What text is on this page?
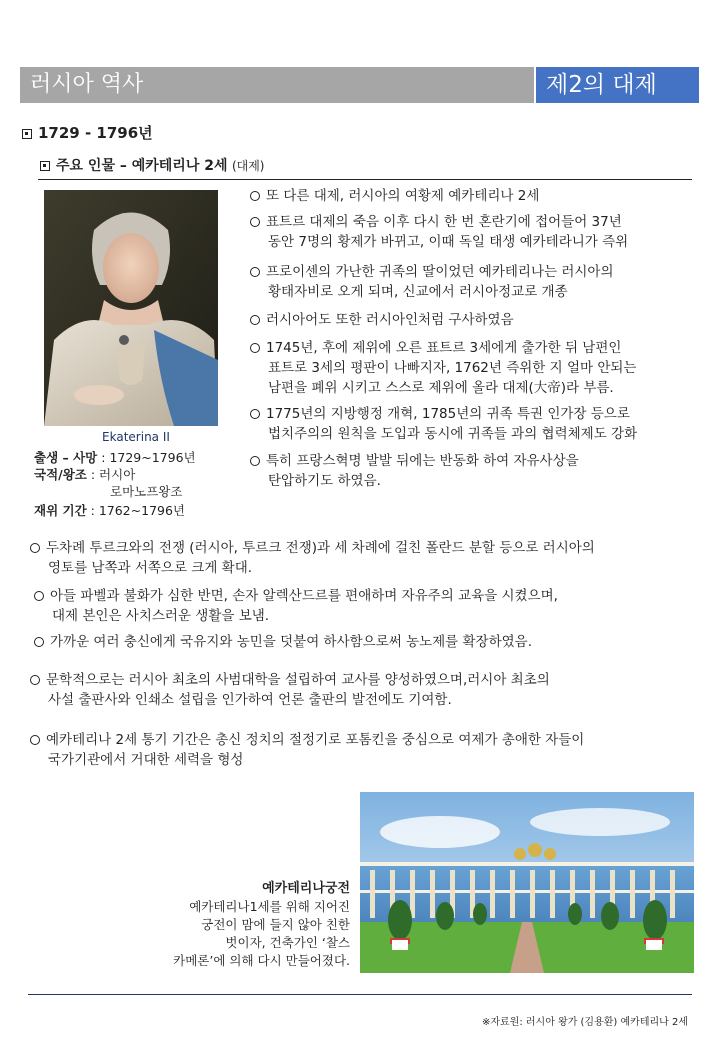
러시아 역사	제2의 대제
1729 - 1796년
주요 인물 – 예카테리나 2세 (대제)
Ekaterina II
출생 – 사망 : 1729~1796년
국적/왕조 : 러시아
로마노프왕조
재위 기간 : 1762~1796년
또 다른 대제, 러시아의 여황제 예카테리나 2세
표트르 대제의 죽음 이후 다시 한 번 혼란기에 접어들어 37년
동안 7명의 황제가 바뀌고, 이때 독일 태생 예카테라니가 즉위
프로이센의 가난한 귀족의 딸이었던 예카테리나는 러시아의
황태자비로 오게 되며, 신교에서 러시아정교로 개종
러시아어도 또한 러시아인처럼 구사하였음
1745년, 후에 제위에 오른 표트르 3세에게 출가한 뒤 남편인
표트로 3세의 평판이 나빠지자, 1762년 즉위한 지 얼마 안되는
남편을 폐위 시키고 스스로 제위에 올라 대제(大帝)라 부름.
1775년의 지방행정 개혁, 1785년의 귀족 특권 인가장 등으로
법치주의의 원칙을 도입과 동시에 귀족들 과의 협력체제도 강화
특히 프랑스혁명 발발 뒤에는 반동화 하여 자유사상을
탄압하기도 하였음.
두차례 투르크와의 전쟁 (러시아, 투르크 전쟁)과 세 차례에 걸친 폴란드 분할 등으로 러시아의
영토를 남쪽과 서쪽으로 크게 확대.
아들 파벨과 불화가 심한 반면, 손자 알렉산드르를 편애하며 자유주의 교육을 시켰으며,
대제 본인은 사치스러운 생활을 보냄.
가까운 여러 충신에게 국유지와 농민을 덧붙여 하사함으로써 농노제를 확장하였음.
문학적으로는 러시아 최초의 사범대학을 설립하여 교사를 양성하였으며,러시아 최초의
사설 출판사와 인쇄소 설립을 인가하여 언론 출판의 발전에도 기여함.
예카테리나 2세 통기 기간은 총신 정치의 절정기로 포톰킨을 중심으로 여제가 총애한 자들이
국가기관에서 거대한 세력을 형성
예카테리나궁전
예카테리나1세를 위해 지어진
궁전이 맘에 들지 않아 친한
벗이자, 건축가인 ‘찰스
카메론’에 의해 다시 만들어졌다.
※자료원: 러시아 왕가 (김용환) 예카테리나 2세
